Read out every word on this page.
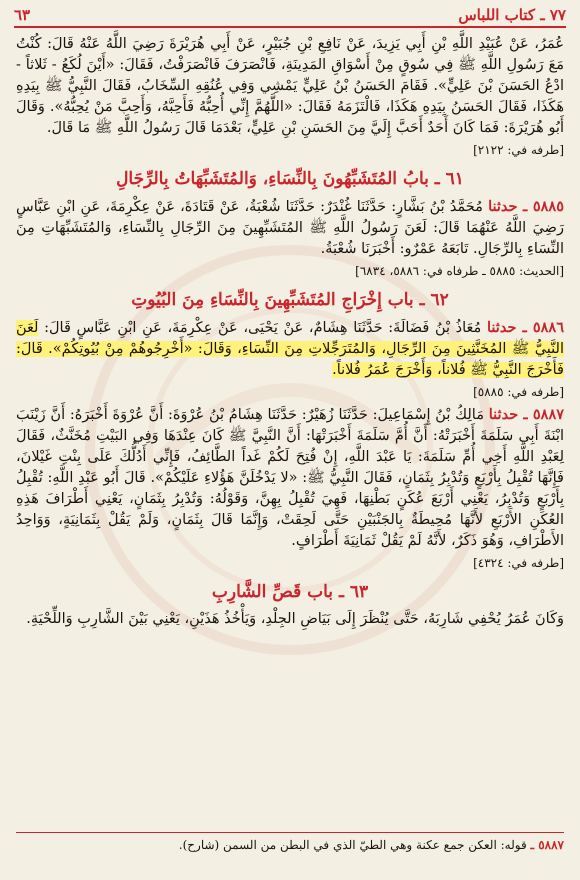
٧٧ ـ كتاب اللباس
٦٣

عُمَرُ، عَنْ عُبَيْدِ اللَّهِ بْنِ أَبِي يَزِيدَ، عَنْ نَافِعِ بْنِ جُبَيْرٍ، عَنْ أَبِي هُرَيْرَةَ رَضِيَ اللَّهُ عَنْهُ قَالَ: كُنْتُ مَعَ رَسُولِ اللَّهِ ﷺ فِي سُوقٍ مِنْ أَسْوَاقِ المَدِينَةِ، فَانْصَرَفَ فَانْصَرَفْتُ، فَقَالَ: «أَيْنَ لُكَعُ - ثَلاثاً - ادْعُ الحَسَنَ بْنَ عَلِيٍّ». فَقَامَ الحَسَنُ بْنُ عَلِيٍّ يَمْشِي وَفِي عُنُقِهِ السِّخَابُ، فَقَالَ النَّبِيُّ ﷺ بِيَدِهِ هَكَذَا، فَقَالَ الحَسَنُ بِيَدِهِ هَكَذَا، فَالْتَزَمَهُ فَقَالَ: «اللَّهُمَّ إِنِّي أُحِبُّهُ فَأَحِبَّهُ، وَأَحِبَّ مَنْ يُحِبُّهُ». وَقَالَ أَبُو هُرَيْرَةَ: فَمَا كَانَ أَحَدٌ أَحَبَّ إِلَيَّ مِنَ الحَسَنِ بْنِ عَلِيٍّ، بَعْدَمَا قَالَ رَسُولُ اللَّهِ ﷺ مَا قَالَ.

[طرفه في: ٢١٢٢]
٦١ ـ بابُ المُتَشَبِّهُونَ بِالنِّسَاءِ، وَالمُتَشَبِّهَاتُ بِالرِّجَالِ

٥٨٨٥ ـ حدثنا مُحَمَّدُ بْنُ بَشَّارٍ: حَدَّثَنَا غُنْدَرٌ: حَدَّثَنَا شُعْبَةُ، عَنْ قَتَادَةَ، عَنْ عِكْرِمَةَ، عَنِ ابْنِ عَبَّاسٍ رَضِيَ اللَّهُ عَنْهُمَا قَالَ: لَعَنَ رَسُولُ اللَّهِ ﷺ المُتَشَبِّهِينَ مِنَ الرِّجَالِ بِالنِّسَاءِ، وَالمُتَشَبِّهَاتِ مِنَ النِّسَاءِ بِالرِّجَالِ. تَابَعَهُ عَمْرٌو: أَخْبَرَنَا شُعْبَةُ.

[الحديث: ٥٨٨٥ ـ طرفاه في: ٥٨٨٦، ٦٨٣٤]
٦٢ ـ باب إِخْرَاجِ المُتَشَبِّهِينَ بِالنِّسَاءِ مِنَ البُيُوتِ

٥٨٨٦ ـ حدثنا مُعَاذُ بْنُ فَضَالَةَ: حَدَّثَنَا هِشَامٌ، عَنْ يَحْيَى، عَنْ عِكْرِمَةَ، عَنِ ابْنِ عَبَّاسٍ قَالَ: لَعَنَ النَّبِيُّ ﷺ المُخَنَّثِينَ مِنَ الرِّجَالِ، وَالمُتَرَجِّلاتِ مِنَ النِّسَاءِ، وَقَالَ: «أَخْرِجُوهُمْ مِنْ بُيُوتِكُمْ». قَالَ: فَأَخْرَجَ النَّبِيُّ ﷺ فُلاناً، وَأَخْرَجَ عُمَرُ فُلاناً.

[طرفه في: ٥٨٨٥]

٥٨٨٧ ـ حدثنا مَالِكُ بْنُ إِسْمَاعِيلَ: حَدَّثَنَا زُهَيْرٌ: حَدَّثَنَا هِشَامُ بْنُ عُرْوَةَ: أَنَّ عُرْوَةَ أَخْبَرَهُ: أَنَّ زَيْنَبَ ابْنَةَ أَبِي سَلَمَةَ أَخْبَرَتْهُ: أَنَّ أُمَّ سَلَمَةَ أَخْبَرَتْهَا: أَنَّ النَّبِيَّ ﷺ كَانَ عِنْدَهَا وَفِي البَيْتِ مُخَنَّثٌ، فَقَالَ لِعَبْدِ اللَّهِ أَخِي أُمِّ سَلَمَةَ: يَا عَبْدَ اللَّهِ، إِنْ فُتِحَ لَكُمْ غَداً الطَّائِفُ، فَإِنِّي أَدُلُّكَ عَلَى بِنْتِ غَيْلانَ، فَإِنَّهَا تُقْبِلُ بِأَرْبَعٍ وَتُدْبِرُ بِثَمَانٍ، فَقَالَ النَّبِيُّ ﷺ: «لا يَدْخُلَنَّ هَؤُلاءِ عَلَيْكُمْ». قَالَ أَبُو عَبْدِ اللَّهِ: تُقْبِلُ بِأَرْبَعٍ وَتُدْبِرُ، يَعْنِي أَرْبَعَ عُكَنٍ بَطْنِهَا، فَهِيَ تُقْبِلُ بِهِنَّ، وَقَوْلُهُ: وَتُدْبِرُ بِثَمَانٍ، يَعْنِي أَطْرَافَ هَذِهِ العُكَنِ الأَرْبَعِ لأَنَّهَا مُحِيطَةٌ بِالجَنْبَيْنِ حَتَّى لَحِقَتْ، وَإِنَّمَا قَالَ بِثَمَانٍ، وَلَمْ يَقُلْ بِثَمَانِيَةٍ، وَوَاحِدُ الأَطْرَافِ، وَهُوَ ذَكَرٌ، لأَنَّهُ لَمْ يَقُلْ ثَمَانِيَةَ أَطْرَافٍ.

[طرفه في: ٤٣٢٤]
٦٣ ـ باب قَصِّ الشَّارِبِ

وَكَانَ عُمَرُ يُحْفِي شَارِبَهُ، حَتَّى يُنْظَرَ إِلَى بَيَاضِ الجِلْدِ، وَيَأْخُذُ هَذَيْنِ، يَعْنِي بَيْنَ الشَّارِبِ وَاللِّحْيَةِ.

٥٨٨٧ ـ قوله: العكن جمع عكنة وهي الطيّ الذي في البطن من السمن (شارح).
